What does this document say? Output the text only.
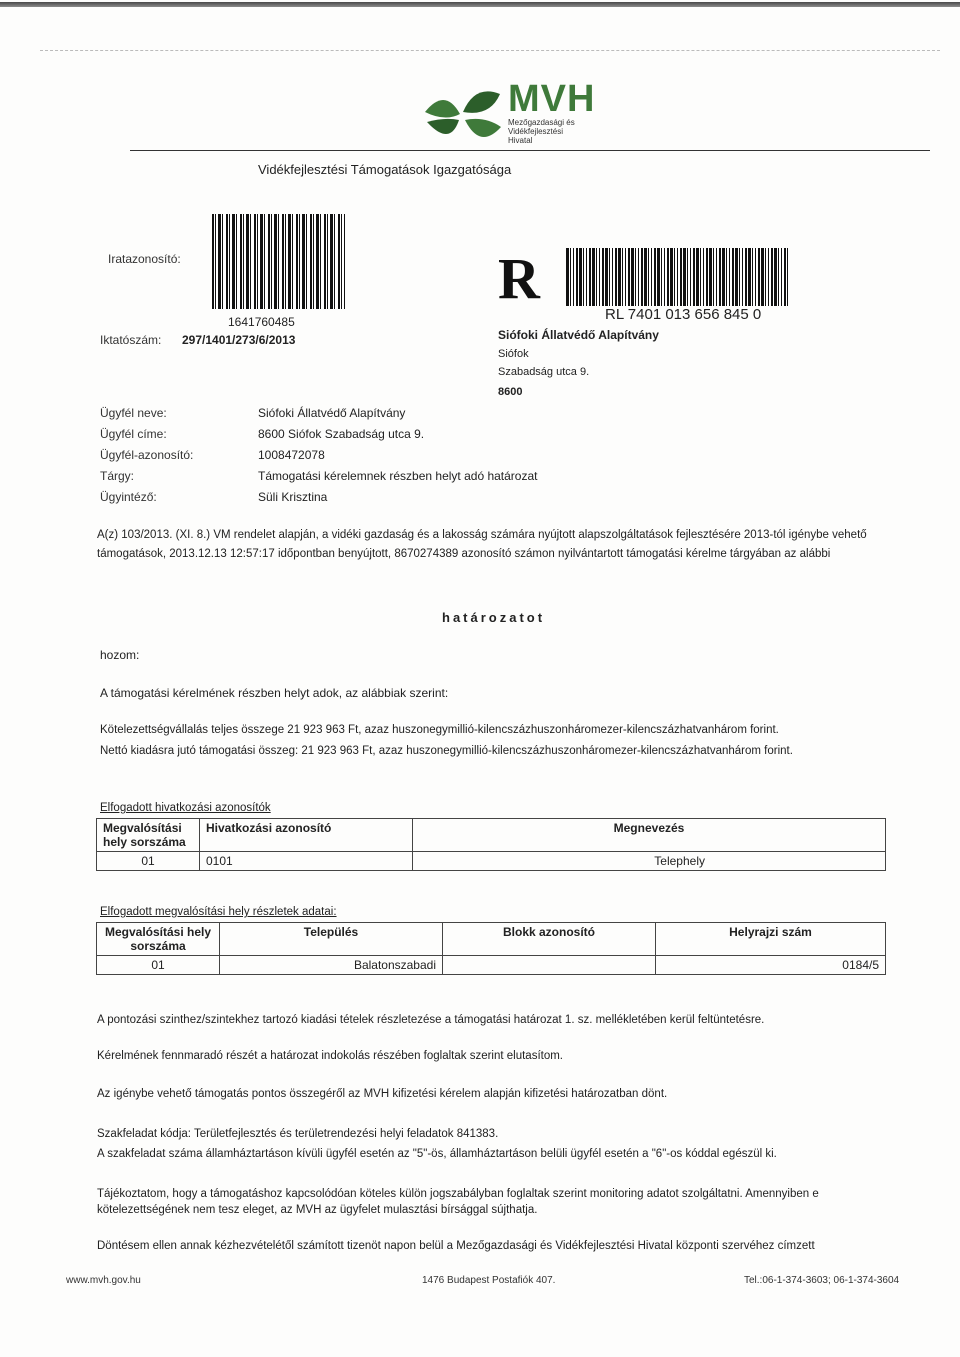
MVH
Mezőgazdasági és
Vidékfejlesztési
Hivatal
Vidékfejlesztési Támogatások Igazgatósága
Iratazonosító:
1641760485
Iktatószám: 297/1401/273/6/2013
R
RL 7401 013 656 845 0
Siófoki Állatvédő Alapítvány
Siófok
Szabadság utca 9.
8600
Ügyfél neve:	Siófoki Állatvédő Alapítvány
Ügyfél címe:	8600 Siófok Szabadság utca 9.
Ügyfél-azonosító:	1008472078
Tárgy:	Támogatási kérelemnek részben helyt adó határozat
Ügyintéző:	Süli Krisztina
A(z) 103/2013. (XI. 8.) VM rendelet alapján, a vidéki gazdaság és a lakosság számára nyújtott alapszolgáltatások fejlesztésére 2013-tól igénybe vehető támogatások, 2013.12.13 12:57:17 időpontban benyújtott, 8670274389 azonosító számon nyilvántartott támogatási kérelme tárgyában az alábbi
határozatot
hozom:
A támogatási kérelmének részben helyt adok, az alábbiak szerint:
Kötelezettségvállalás teljes összege 21 923 963 Ft, azaz huszonegymillió-kilencszázhuszonháromezer-kilencszázhatvanhárom forint.
Nettó kiadásra jutó támogatási összeg: 21 923 963 Ft, azaz huszonegymillió-kilencszázhuszonháromezer-kilencszázhatvanhárom forint.
Elfogadott hivatkozási azonosítók
Megvalósítási hely sorszáma	Hivatkozási azonosító	Megnevezés
01	0101	Telephely
Elfogadott megvalósítási hely részletek adatai:
Megvalósítási hely sorszáma	Település	Blokk azonosító	Helyrajzi szám
01	Balatonszabadi		0184/5
A pontozási szinthez/szintekhez tartozó kiadási tételek részletezése a támogatási határozat 1. sz. mellékletében kerül feltüntetésre.
Kérelmének fennmaradó részét a határozat indokolás részében foglaltak szerint elutasítom.
Az igénybe vehető támogatás pontos összegéről az MVH kifizetési kérelem alapján kifizetési határozatban dönt.
Szakfeladat kódja: Területfejlesztés és területrendezési helyi feladatok 841383.
A szakfeladat száma államháztartáson kívüli ügyfél esetén az "5"-ös, államháztartáson belüli ügyfél esetén a "6"-os kóddal egészül ki.
Tájékoztatom, hogy a támogatáshoz kapcsolódóan köteles külön jogszabályban foglaltak szerint monitoring adatot szolgáltatni. Amennyiben e kötelezettségének nem tesz eleget, az MVH az ügyfelet mulasztási bírsággal sújthatja.
Döntésem ellen annak kézhezvételétől számított tizenöt napon belül a Mezőgazdasági és Vidékfejlesztési Hivatal központi szervéhez címzett
www.mvh.gov.hu	1476 Budapest Postafiók 407.	Tel.:06-1-374-3603; 06-1-374-3604
